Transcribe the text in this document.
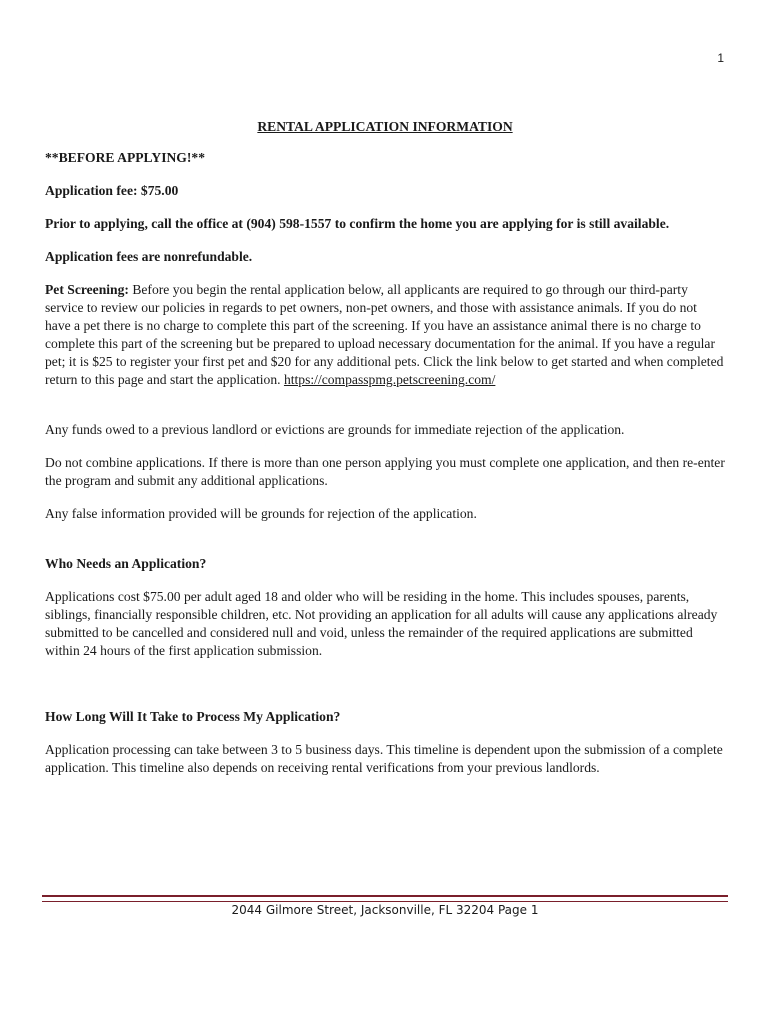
1
RENTAL APPLICATION INFORMATION

**BEFORE APPLYING!**

Application fee: $75.00

Prior to applying, call the office at (904) 598-1557 to confirm the home you are applying for is still available.

Application fees are nonrefundable.

Pet Screening: Before you begin the rental application below, all applicants are required to go through our third-party service to review our policies in regards to pet owners, non-pet owners, and those with assistance animals. If you do not have a pet there is no charge to complete this part of the screening. If you have an assistance animal there is no charge to complete this part of the screening but be prepared to upload necessary documentation for the animal. If you have a regular pet; it is $25 to register your first pet and $20 for any additional pets. Click the link below to get started and when completed return to this page and start the application. https://compasspmg.petscreening.com/

Any funds owed to a previous landlord or evictions are grounds for immediate rejection of the application.

Do not combine applications. If there is more than one person applying you must complete one application, and then re-enter the program and submit any additional applications.

Any false information provided will be grounds for rejection of the application.

Who Needs an Application?

Applications cost $75.00 per adult aged 18 and older who will be residing in the home. This includes spouses, parents, siblings, financially responsible children, etc. Not providing an application for all adults will cause any applications already submitted to be cancelled and considered null and void, unless the remainder of the required applications are submitted within 24 hours of the first application submission.

How Long Will It Take to Process My Application?

Application processing can take between 3 to 5 business days. This timeline is dependent upon the submission of a complete application. This timeline also depends on receiving rental verifications from your previous landlords.

2044 Gilmore Street, Jacksonville, FL 32204 Page 1
